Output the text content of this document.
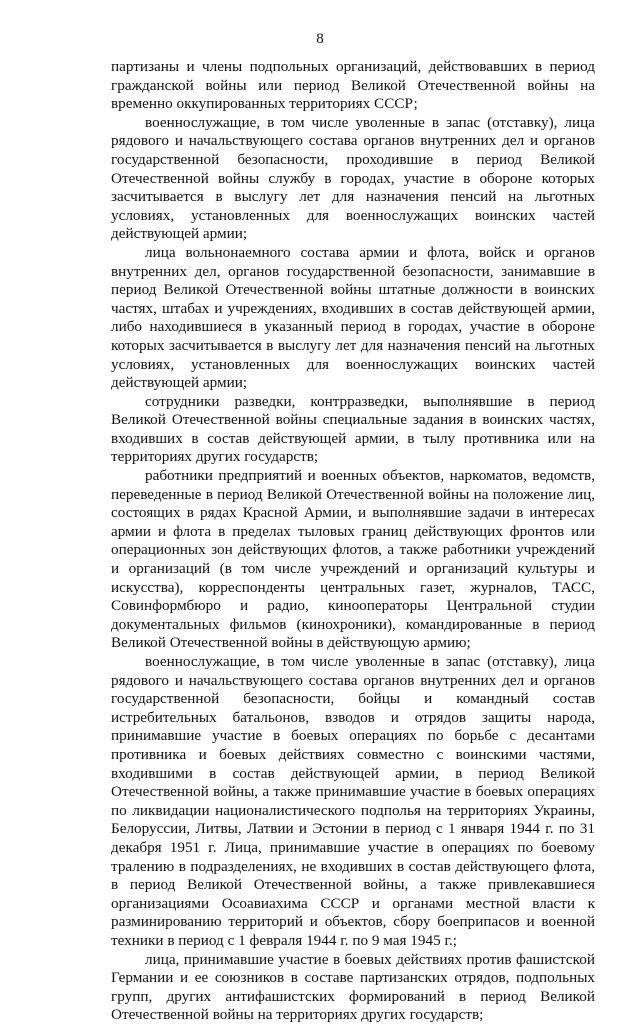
8

партизаны и члены подпольных организаций, действовавших в период гражданской войны или период Великой Отечественной войны на временно оккупированных территориях СССР;

военнослужащие, в том числе уволенные в запас (отставку), лица рядового и начальствующего состава органов внутренних дел и органов государственной безопасности, проходившие в период Великой Отечественной войны службу в городах, участие в обороне которых засчитывается в выслугу лет для назначения пенсий на льготных условиях, установленных для военнослужащих воинских частей действующей армии;

лица вольнонаемного состава армии и флота, войск и органов внутренних дел, органов государственной безопасности, занимавшие в период Великой Отечественной войны штатные должности в воинских частях, штабах и учреждениях, входивших в состав действующей армии, либо находившиеся в указанный период в городах, участие в обороне которых засчитывается в выслугу лет для назначения пенсий на льготных условиях, установленных для военнослужащих воинских частей действующей армии;

сотрудники разведки, контрразведки, выполнявшие в период Великой Отечественной войны специальные задания в воинских частях, входивших в состав действующей армии, в тылу противника или на территориях других государств;

работники предприятий и военных объектов, наркоматов, ведомств, переведенные в период Великой Отечественной войны на положение лиц, состоящих в рядах Красной Армии, и выполнявшие задачи в интересах армии и флота в пределах тыловых границ действующих фронтов или операционных зон действующих флотов, а также работники учреждений и организаций (в том числе учреждений и организаций культуры и искусства), корреспонденты центральных газет, журналов, ТАСС, Совинформбюро и радио, кинооператоры Центральной студии документальных фильмов (кинохроники), командированные в период Великой Отечественной войны в действующую армию;

военнослужащие, в том числе уволенные в запас (отставку), лица рядового и начальствующего состава органов внутренних дел и органов государственной безопасности, бойцы и командный состав истребительных батальонов, взводов и отрядов защиты народа, принимавшие участие в боевых операциях по борьбе с десантами противника и боевых действиях совместно с воинскими частями, входившими в состав действующей армии, в период Великой Отечественной войны, а также принимавшие участие в боевых операциях по ликвидации националистического подполья на территориях Украины, Белоруссии, Литвы, Латвии и Эстонии в период с 1 января 1944 г. по 31 декабря 1951 г. Лица, принимавшие участие в операциях по боевому тралению в подразделениях, не входивших в состав действующего флота, в период Великой Отечественной войны, а также привлекавшиеся организациями Осоавиахима СССР и органами местной власти к разминированию территорий и объектов, сбору боеприпасов и военной техники в период с 1 февраля 1944 г. по 9 мая 1945 г.;

лица, принимавшие участие в боевых действиях против фашистской Германии и ее союзников в составе партизанских отрядов, подпольных групп, других антифашистских формирований в период Великой Отечественной войны на территориях других государств;
